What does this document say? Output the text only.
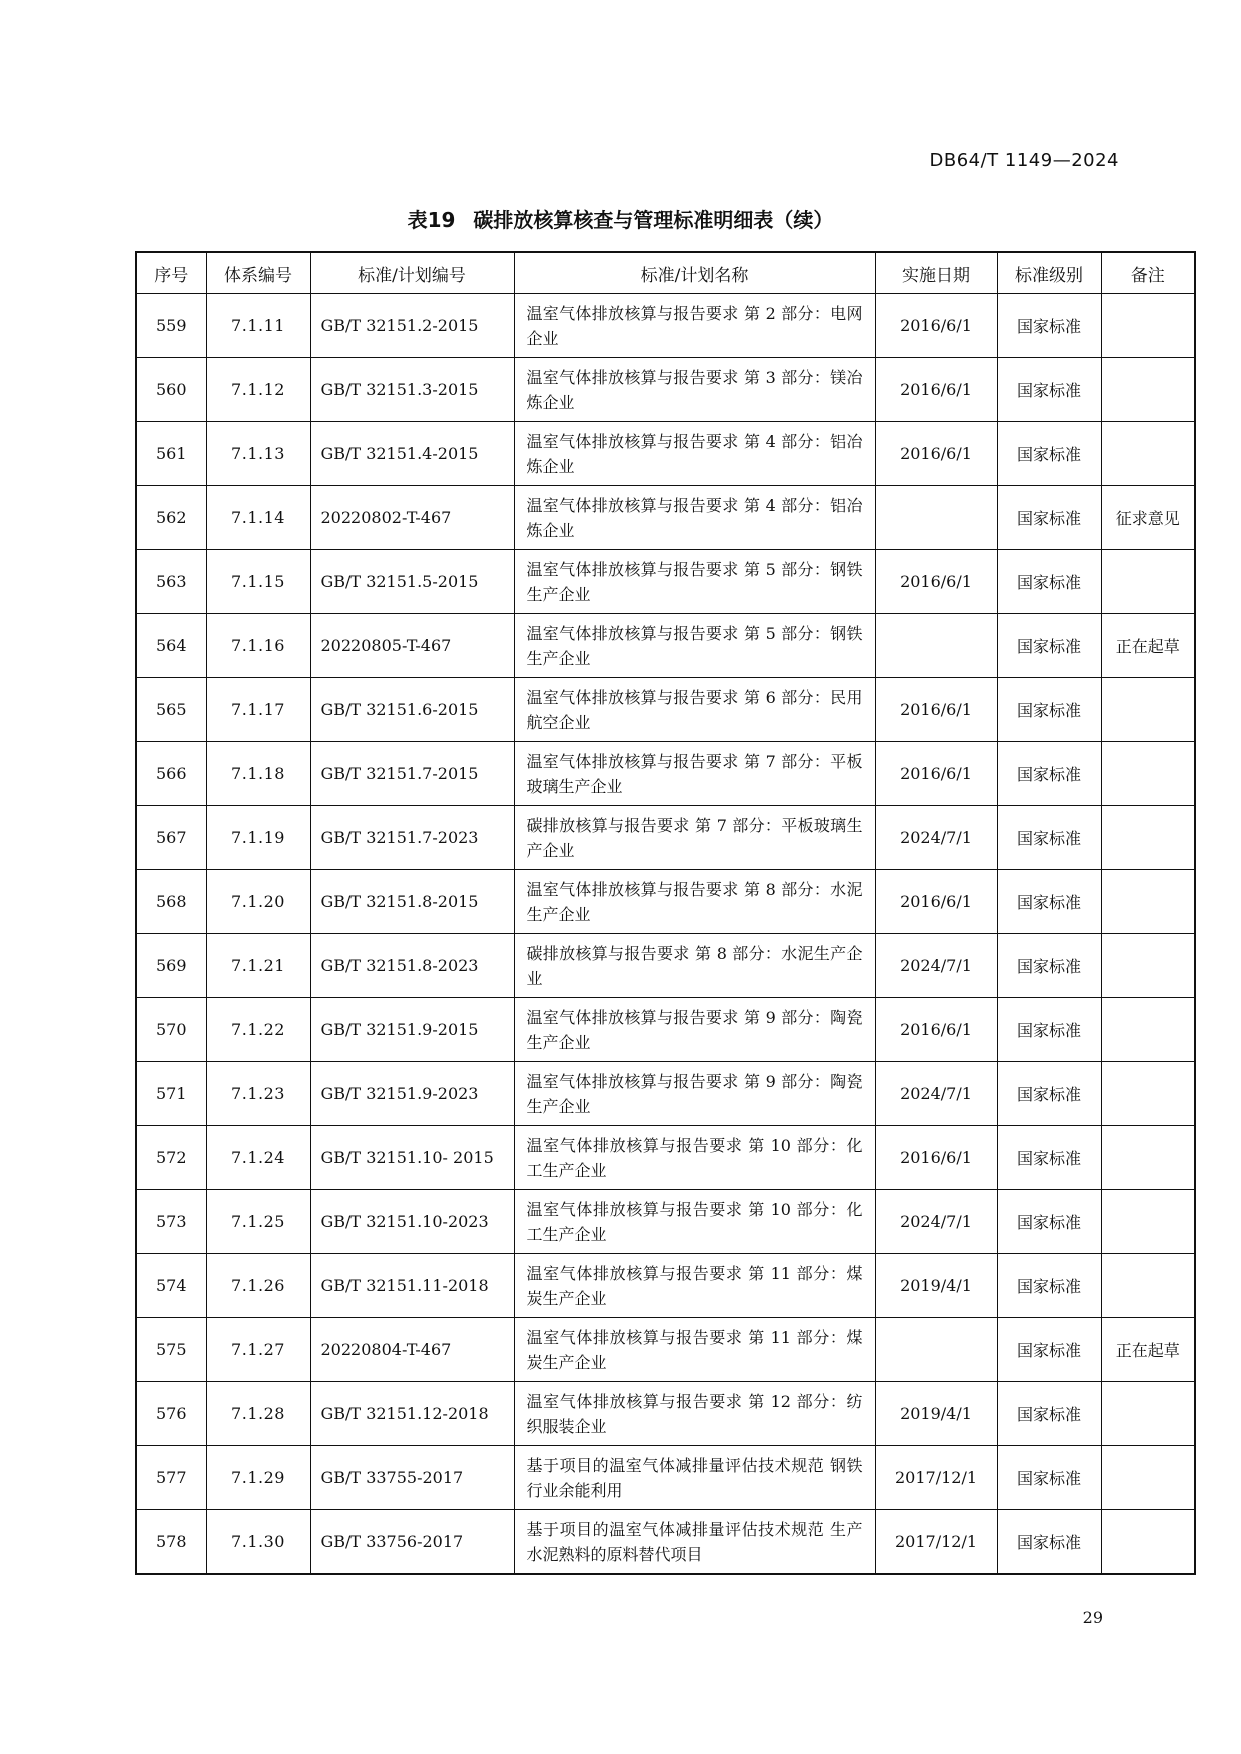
DB64/T 1149—2024
表19 碳排放核算核查与管理标准明细表（续）
序号	体系编号	标准/计划编号	标准/计划名称	实施日期	标准级别	备注
559	7.1.11	GB/T 32151.2-2015	温室气体排放核算与报告要求 第 2 部分：电网企业	2016/6/1	国家标准	
560	7.1.12	GB/T 32151.3-2015	温室气体排放核算与报告要求 第 3 部分：镁冶炼企业	2016/6/1	国家标准	
561	7.1.13	GB/T 32151.4-2015	温室气体排放核算与报告要求 第 4 部分：铝冶炼企业	2016/6/1	国家标准	
562	7.1.14	20220802-T-467	温室气体排放核算与报告要求 第 4 部分：铝冶炼企业		国家标准	征求意见
563	7.1.15	GB/T 32151.5-2015	温室气体排放核算与报告要求 第 5 部分：钢铁生产企业	2016/6/1	国家标准	
564	7.1.16	20220805-T-467	温室气体排放核算与报告要求 第 5 部分：钢铁生产企业		国家标准	正在起草
565	7.1.17	GB/T 32151.6-2015	温室气体排放核算与报告要求 第 6 部分：民用航空企业	2016/6/1	国家标准	
566	7.1.18	GB/T 32151.7-2015	温室气体排放核算与报告要求 第 7 部分：平板玻璃生产企业	2016/6/1	国家标准	
567	7.1.19	GB/T 32151.7-2023	碳排放核算与报告要求 第 7 部分：平板玻璃生产企业	2024/7/1	国家标准	
568	7.1.20	GB/T 32151.8-2015	温室气体排放核算与报告要求 第 8 部分：水泥生产企业	2016/6/1	国家标准	
569	7.1.21	GB/T 32151.8-2023	碳排放核算与报告要求 第 8 部分：水泥生产企业	2024/7/1	国家标准	
570	7.1.22	GB/T 32151.9-2015	温室气体排放核算与报告要求 第 9 部分：陶瓷生产企业	2016/6/1	国家标准	
571	7.1.23	GB/T 32151.9-2023	温室气体排放核算与报告要求 第 9 部分：陶瓷生产企业	2024/7/1	国家标准	
572	7.1.24	GB/T 32151.10- 2015	温室气体排放核算与报告要求 第 10 部分：化工生产企业	2016/6/1	国家标准	
573	7.1.25	GB/T 32151.10-2023	温室气体排放核算与报告要求 第 10 部分：化工生产企业	2024/7/1	国家标准	
574	7.1.26	GB/T 32151.11-2018	温室气体排放核算与报告要求 第 11 部分：煤炭生产企业	2019/4/1	国家标准	
575	7.1.27	20220804-T-467	温室气体排放核算与报告要求 第 11 部分：煤炭生产企业		国家标准	正在起草
576	7.1.28	GB/T 32151.12-2018	温室气体排放核算与报告要求 第 12 部分：纺织服装企业	2019/4/1	国家标准	
577	7.1.29	GB/T 33755-2017	基于项目的温室气体减排量评估技术规范 钢铁行业余能利用	2017/12/1	国家标准	
578	7.1.30	GB/T 33756-2017	基于项目的温室气体减排量评估技术规范 生产水泥熟料的原料替代项目	2017/12/1	国家标准	
29
